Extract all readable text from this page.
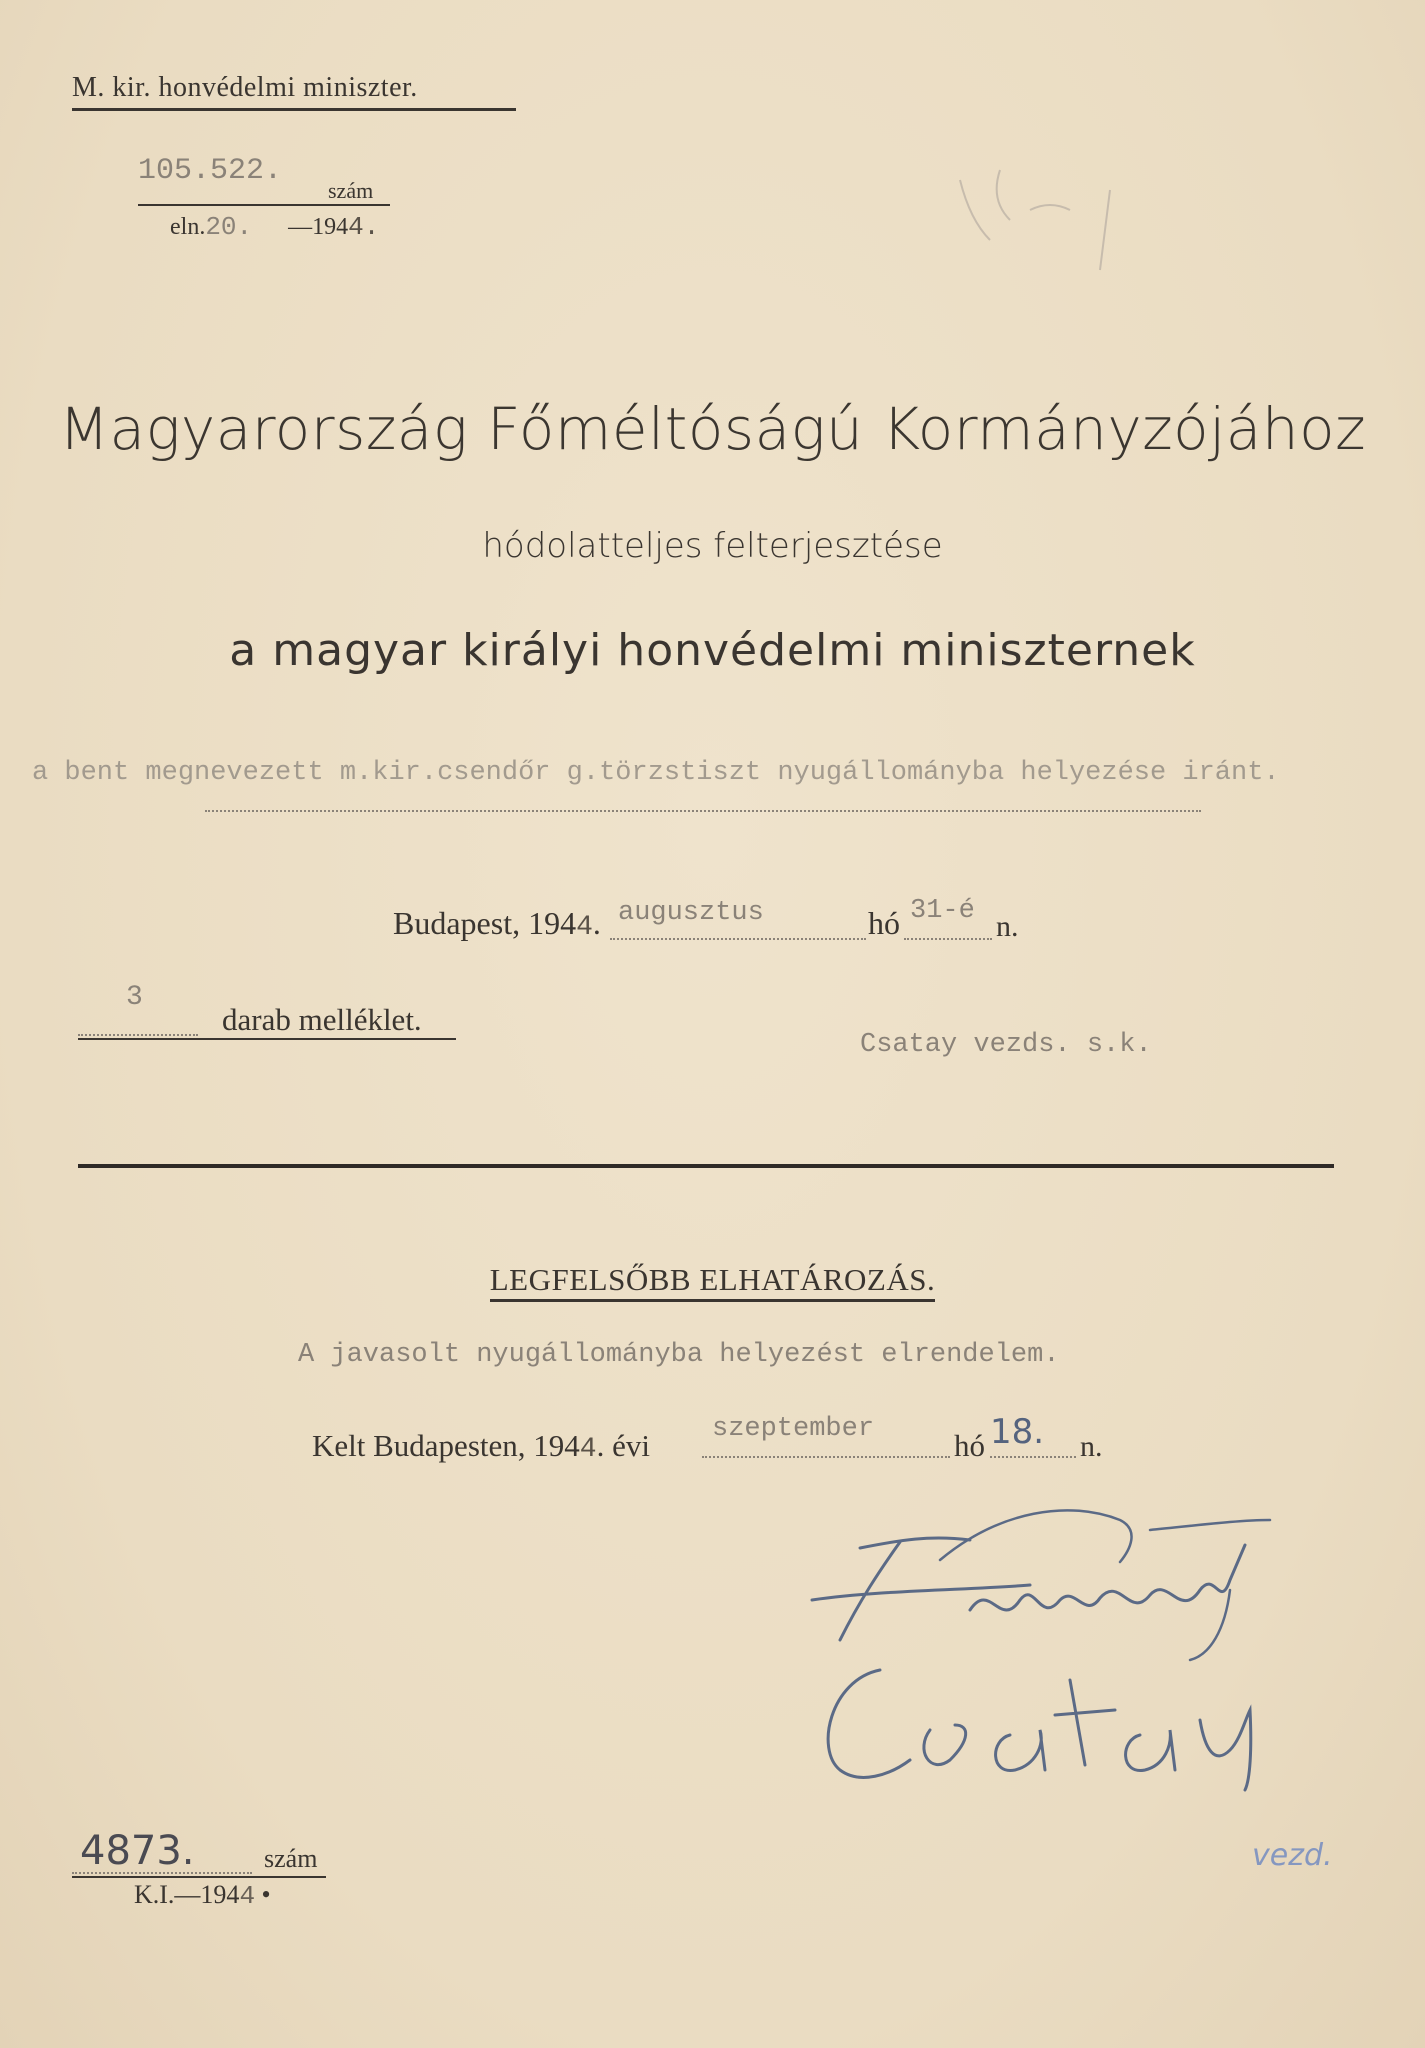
M. kir. honvédelmi miniszter.
105.522.
szám
eln.20. —1944.
Magyarország Főméltóságú Kormányzójához
hódolatteljes felterjesztése
a magyar királyi honvédelmi miniszternek
a bent megnevezett m.kir.csendőr g.törzstiszt nyugállományba helyezése iránt.
Budapest, 1944. augusztus	hó 31-é n.
3
darab melléklet.
Csatay vezds. s.k.
LEGFELSŐBB ELHATÁROZÁS.
A javasolt nyugállományba helyezést elrendelem.
Kelt Budapesten, 1944. évi szeptember	hó 18. n.
4873.	szám
K.I.—1944 •
vezd.
